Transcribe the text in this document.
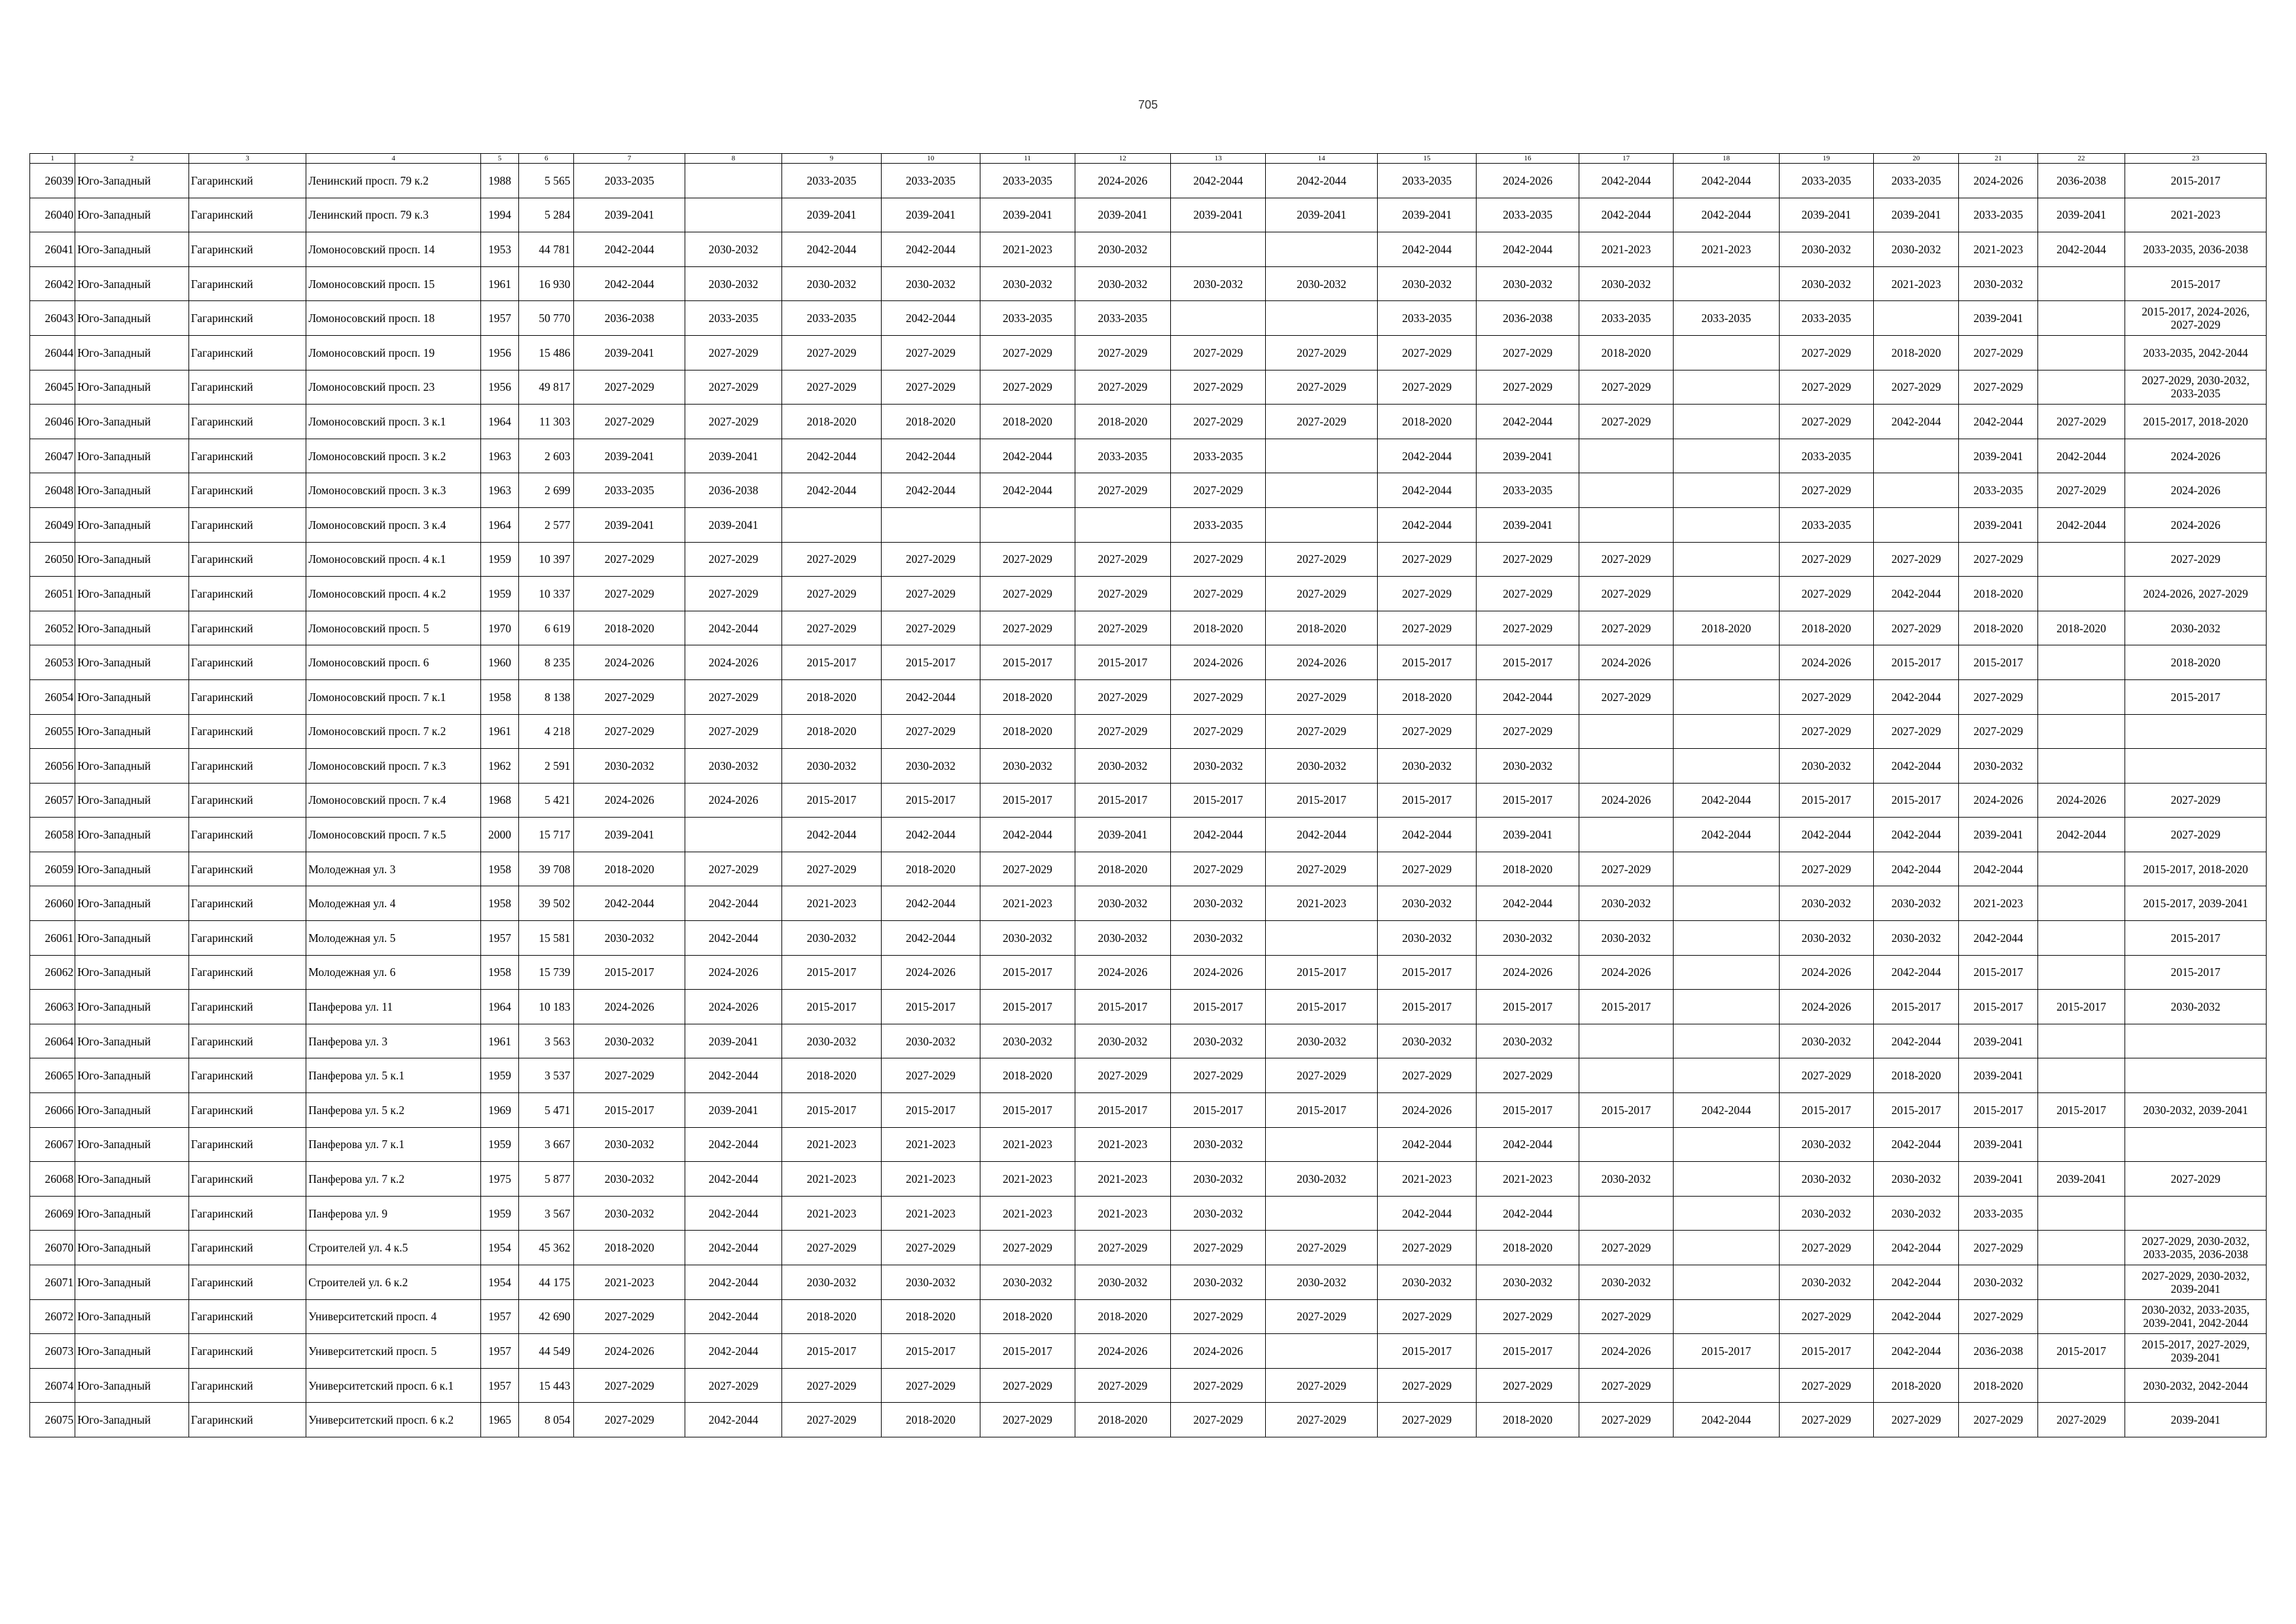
705
1	2	3	4	5	6	7	8	9	10	11	12	13	14	15	16	17	18	19	20	21	22	23
26039	Юго-Западный	Гагаринский	Ленинский просп. 79 к.2	1988	5 565	2033-2035		2033-2035	2033-2035	2033-2035	2024-2026	2042-2044	2042-2044	2033-2035	2024-2026	2042-2044	2042-2044	2033-2035	2033-2035	2024-2026	2036-2038	2015-2017
26040	Юго-Западный	Гагаринский	Ленинский просп. 79 к.3	1994	5 284	2039-2041		2039-2041	2039-2041	2039-2041	2039-2041	2039-2041	2039-2041	2039-2041	2033-2035	2042-2044	2042-2044	2039-2041	2039-2041	2033-2035	2039-2041	2021-2023
26041	Юго-Западный	Гагаринский	Ломоносовский просп. 14	1953	44 781	2042-2044	2030-2032	2042-2044	2042-2044	2021-2023	2030-2032			2042-2044	2042-2044	2021-2023	2021-2023	2030-2032	2030-2032	2021-2023	2042-2044	2033-2035, 2036-2038
26042	Юго-Западный	Гагаринский	Ломоносовский просп. 15	1961	16 930	2042-2044	2030-2032	2030-2032	2030-2032	2030-2032	2030-2032	2030-2032	2030-2032	2030-2032	2030-2032	2030-2032		2030-2032	2021-2023	2030-2032		2015-2017
26043	Юго-Западный	Гагаринский	Ломоносовский просп. 18	1957	50 770	2036-2038	2033-2035	2033-2035	2042-2044	2033-2035	2033-2035			2033-2035	2036-2038	2033-2035	2033-2035	2033-2035		2039-2041		2015-2017, 2024-2026, 2027-2029
26044	Юго-Западный	Гагаринский	Ломоносовский просп. 19	1956	15 486	2039-2041	2027-2029	2027-2029	2027-2029	2027-2029	2027-2029	2027-2029	2027-2029	2027-2029	2027-2029	2018-2020		2027-2029	2018-2020	2027-2029		2033-2035, 2042-2044
26045	Юго-Западный	Гагаринский	Ломоносовский просп. 23	1956	49 817	2027-2029	2027-2029	2027-2029	2027-2029	2027-2029	2027-2029	2027-2029	2027-2029	2027-2029	2027-2029	2027-2029		2027-2029	2027-2029	2027-2029		2027-2029, 2030-2032, 2033-2035
26046	Юго-Западный	Гагаринский	Ломоносовский просп. 3 к.1	1964	11 303	2027-2029	2027-2029	2018-2020	2018-2020	2018-2020	2018-2020	2027-2029	2027-2029	2018-2020	2042-2044	2027-2029		2027-2029	2042-2044	2042-2044	2027-2029	2015-2017, 2018-2020
26047	Юго-Западный	Гагаринский	Ломоносовский просп. 3 к.2	1963	2 603	2039-2041	2039-2041	2042-2044	2042-2044	2042-2044	2033-2035	2033-2035		2042-2044	2039-2041			2033-2035		2039-2041	2042-2044	2024-2026
26048	Юго-Западный	Гагаринский	Ломоносовский просп. 3 к.3	1963	2 699	2033-2035	2036-2038	2042-2044	2042-2044	2042-2044	2027-2029	2027-2029		2042-2044	2033-2035			2027-2029		2033-2035	2027-2029	2024-2026
26049	Юго-Западный	Гагаринский	Ломоносовский просп. 3 к.4	1964	2 577	2039-2041	2039-2041					2033-2035		2042-2044	2039-2041			2033-2035		2039-2041	2042-2044	2024-2026
26050	Юго-Западный	Гагаринский	Ломоносовский просп. 4 к.1	1959	10 397	2027-2029	2027-2029	2027-2029	2027-2029	2027-2029	2027-2029	2027-2029	2027-2029	2027-2029	2027-2029	2027-2029		2027-2029	2027-2029	2027-2029		2027-2029
26051	Юго-Западный	Гагаринский	Ломоносовский просп. 4 к.2	1959	10 337	2027-2029	2027-2029	2027-2029	2027-2029	2027-2029	2027-2029	2027-2029	2027-2029	2027-2029	2027-2029	2027-2029		2027-2029	2042-2044	2018-2020		2024-2026, 2027-2029
26052	Юго-Западный	Гагаринский	Ломоносовский просп. 5	1970	6 619	2018-2020	2042-2044	2027-2029	2027-2029	2027-2029	2027-2029	2018-2020	2018-2020	2027-2029	2027-2029	2027-2029	2018-2020	2018-2020	2027-2029	2018-2020	2018-2020	2030-2032
26053	Юго-Западный	Гагаринский	Ломоносовский просп. 6	1960	8 235	2024-2026	2024-2026	2015-2017	2015-2017	2015-2017	2015-2017	2024-2026	2024-2026	2015-2017	2015-2017	2024-2026		2024-2026	2015-2017	2015-2017		2018-2020
26054	Юго-Западный	Гагаринский	Ломоносовский просп. 7 к.1	1958	8 138	2027-2029	2027-2029	2018-2020	2042-2044	2018-2020	2027-2029	2027-2029	2027-2029	2018-2020	2042-2044	2027-2029		2027-2029	2042-2044	2027-2029		2015-2017
26055	Юго-Западный	Гагаринский	Ломоносовский просп. 7 к.2	1961	4 218	2027-2029	2027-2029	2018-2020	2027-2029	2018-2020	2027-2029	2027-2029	2027-2029	2027-2029	2027-2029			2027-2029	2027-2029	2027-2029		
26056	Юго-Западный	Гагаринский	Ломоносовский просп. 7 к.3	1962	2 591	2030-2032	2030-2032	2030-2032	2030-2032	2030-2032	2030-2032	2030-2032	2030-2032	2030-2032	2030-2032			2030-2032	2042-2044	2030-2032		
26057	Юго-Западный	Гагаринский	Ломоносовский просп. 7 к.4	1968	5 421	2024-2026	2024-2026	2015-2017	2015-2017	2015-2017	2015-2017	2015-2017	2015-2017	2015-2017	2015-2017	2024-2026	2042-2044	2015-2017	2015-2017	2024-2026	2024-2026	2027-2029
26058	Юго-Западный	Гагаринский	Ломоносовский просп. 7 к.5	2000	15 717	2039-2041		2042-2044	2042-2044	2042-2044	2039-2041	2042-2044	2042-2044	2042-2044	2039-2041		2042-2044	2042-2044	2042-2044	2039-2041	2042-2044	2027-2029
26059	Юго-Западный	Гагаринский	Молодежная ул. 3	1958	39 708	2018-2020	2027-2029	2027-2029	2018-2020	2027-2029	2018-2020	2027-2029	2027-2029	2027-2029	2018-2020	2027-2029		2027-2029	2042-2044	2042-2044		2015-2017, 2018-2020
26060	Юго-Западный	Гагаринский	Молодежная ул. 4	1958	39 502	2042-2044	2042-2044	2021-2023	2042-2044	2021-2023	2030-2032	2030-2032	2021-2023	2030-2032	2042-2044	2030-2032		2030-2032	2030-2032	2021-2023		2015-2017, 2039-2041
26061	Юго-Западный	Гагаринский	Молодежная ул. 5	1957	15 581	2030-2032	2042-2044	2030-2032	2042-2044	2030-2032	2030-2032	2030-2032		2030-2032	2030-2032	2030-2032		2030-2032	2030-2032	2042-2044		2015-2017
26062	Юго-Западный	Гагаринский	Молодежная ул. 6	1958	15 739	2015-2017	2024-2026	2015-2017	2024-2026	2015-2017	2024-2026	2024-2026	2015-2017	2015-2017	2024-2026	2024-2026		2024-2026	2042-2044	2015-2017		2015-2017
26063	Юго-Западный	Гагаринский	Панферова ул. 11	1964	10 183	2024-2026	2024-2026	2015-2017	2015-2017	2015-2017	2015-2017	2015-2017	2015-2017	2015-2017	2015-2017	2015-2017		2024-2026	2015-2017	2015-2017	2015-2017	2030-2032
26064	Юго-Западный	Гагаринский	Панферова ул. 3	1961	3 563	2030-2032	2039-2041	2030-2032	2030-2032	2030-2032	2030-2032	2030-2032	2030-2032	2030-2032	2030-2032			2030-2032	2042-2044	2039-2041		
26065	Юго-Западный	Гагаринский	Панферова ул. 5 к.1	1959	3 537	2027-2029	2042-2044	2018-2020	2027-2029	2018-2020	2027-2029	2027-2029	2027-2029	2027-2029	2027-2029			2027-2029	2018-2020	2039-2041		
26066	Юго-Западный	Гагаринский	Панферова ул. 5 к.2	1969	5 471	2015-2017	2039-2041	2015-2017	2015-2017	2015-2017	2015-2017	2015-2017	2015-2017	2024-2026	2015-2017	2015-2017	2042-2044	2015-2017	2015-2017	2015-2017	2015-2017	2030-2032, 2039-2041
26067	Юго-Западный	Гагаринский	Панферова ул. 7 к.1	1959	3 667	2030-2032	2042-2044	2021-2023	2021-2023	2021-2023	2021-2023	2030-2032		2042-2044	2042-2044			2030-2032	2042-2044	2039-2041		
26068	Юго-Западный	Гагаринский	Панферова ул. 7 к.2	1975	5 877	2030-2032	2042-2044	2021-2023	2021-2023	2021-2023	2021-2023	2030-2032	2030-2032	2021-2023	2021-2023	2030-2032		2030-2032	2030-2032	2039-2041	2039-2041	2027-2029
26069	Юго-Западный	Гагаринский	Панферова ул. 9	1959	3 567	2030-2032	2042-2044	2021-2023	2021-2023	2021-2023	2021-2023	2030-2032		2042-2044	2042-2044			2030-2032	2030-2032	2033-2035		
26070	Юго-Западный	Гагаринский	Строителей ул. 4 к.5	1954	45 362	2018-2020	2042-2044	2027-2029	2027-2029	2027-2029	2027-2029	2027-2029	2027-2029	2027-2029	2018-2020	2027-2029		2027-2029	2042-2044	2027-2029		2027-2029, 2030-2032, 2033-2035, 2036-2038
26071	Юго-Западный	Гагаринский	Строителей ул. 6 к.2	1954	44 175	2021-2023	2042-2044	2030-2032	2030-2032	2030-2032	2030-2032	2030-2032	2030-2032	2030-2032	2030-2032	2030-2032		2030-2032	2042-2044	2030-2032		2027-2029, 2030-2032, 2039-2041
26072	Юго-Западный	Гагаринский	Университетский просп. 4	1957	42 690	2027-2029	2042-2044	2018-2020	2018-2020	2018-2020	2018-2020	2027-2029	2027-2029	2027-2029	2027-2029	2027-2029		2027-2029	2042-2044	2027-2029		2030-2032, 2033-2035, 2039-2041, 2042-2044
26073	Юго-Западный	Гагаринский	Университетский просп. 5	1957	44 549	2024-2026	2042-2044	2015-2017	2015-2017	2015-2017	2024-2026	2024-2026		2015-2017	2015-2017	2024-2026	2015-2017	2015-2017	2042-2044	2036-2038	2015-2017	2015-2017, 2027-2029, 2039-2041
26074	Юго-Западный	Гагаринский	Университетский просп. 6 к.1	1957	15 443	2027-2029	2027-2029	2027-2029	2027-2029	2027-2029	2027-2029	2027-2029	2027-2029	2027-2029	2027-2029	2027-2029		2027-2029	2018-2020	2018-2020		2030-2032, 2042-2044
26075	Юго-Западный	Гагаринский	Университетский просп. 6 к.2	1965	8 054	2027-2029	2042-2044	2027-2029	2018-2020	2027-2029	2018-2020	2027-2029	2027-2029	2027-2029	2018-2020	2027-2029	2042-2044	2027-2029	2027-2029	2027-2029	2027-2029	2039-2041
